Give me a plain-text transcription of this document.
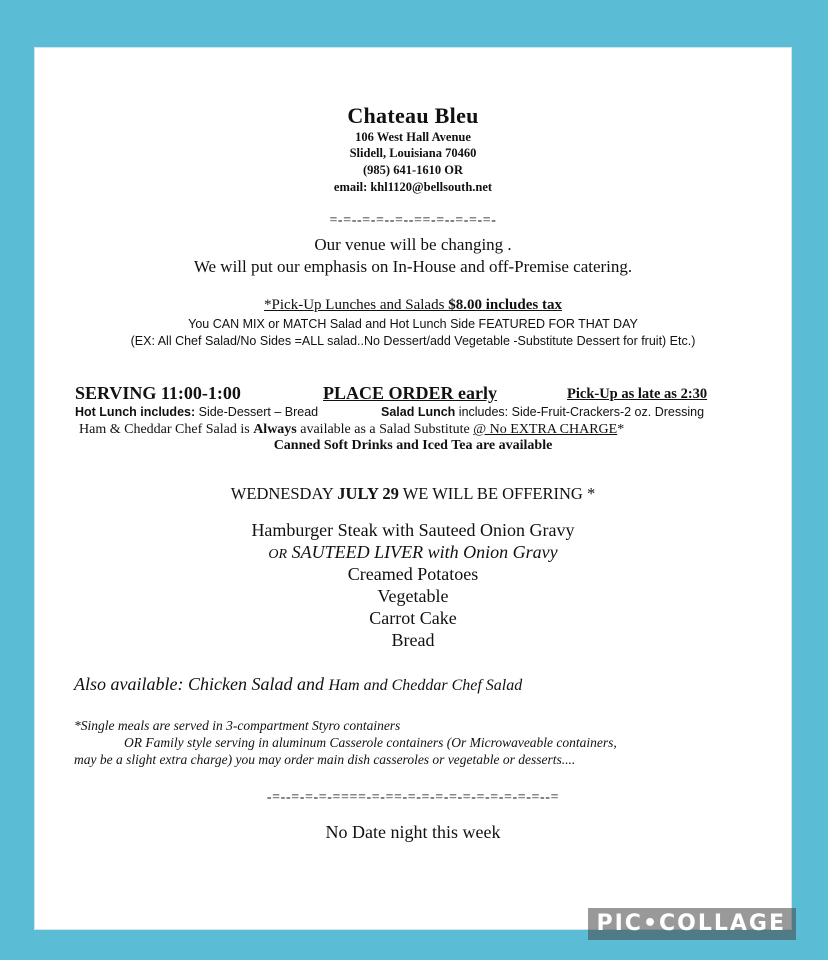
Chateau Bleu
106 West Hall Avenue
Slidell, Louisiana 70460
(985) 641-1610 OR
email: khl1120@bellsouth.net
=-=--=-=--=--==-=--=-=-=-
Our venue will be changing .
We will put our emphasis on In-House and off-Premise catering.
*Pick-Up Lunches and Salads $8.00 includes tax
You CAN MIX or MATCH Salad and Hot Lunch Side FEATURED FOR THAT DAY
(EX: All Chef Salad/No Sides =ALL salad..No Dessert/add Vegetable -Substitute Dessert for fruit) Etc.)
SERVING 11:00-1:00	PLACE ORDER early	Pick-Up as late as 2:30
Hot Lunch includes: Side-Dessert – Bread	Salad Lunch includes: Side-Fruit-Crackers-2 oz. Dressing
Ham & Cheddar Chef Salad is Always available as a Salad Substitute @ No EXTRA CHARGE*
Canned Soft Drinks and Iced Tea are available
WEDNESDAY JULY 29 WE WILL BE OFFERING *
Hamburger Steak with Sauteed Onion Gravy
OR SAUTEED LIVER with Onion Gravy
Creamed Potatoes
Vegetable
Carrot Cake
Bread
Also available: Chicken Salad and Ham and Cheddar Chef Salad
*Single meals are served in 3-compartment Styro containers
OR Family style serving in aluminum Casserole containers (Or Microwaveable containers,
may be a slight extra charge) you may order main dish casseroles or vegetable or desserts....
-=--=-=-=-====-=-==-=-=-=-=-=-=-=-=-=-=--=
No Date night this week
PIC•COLLAGE
